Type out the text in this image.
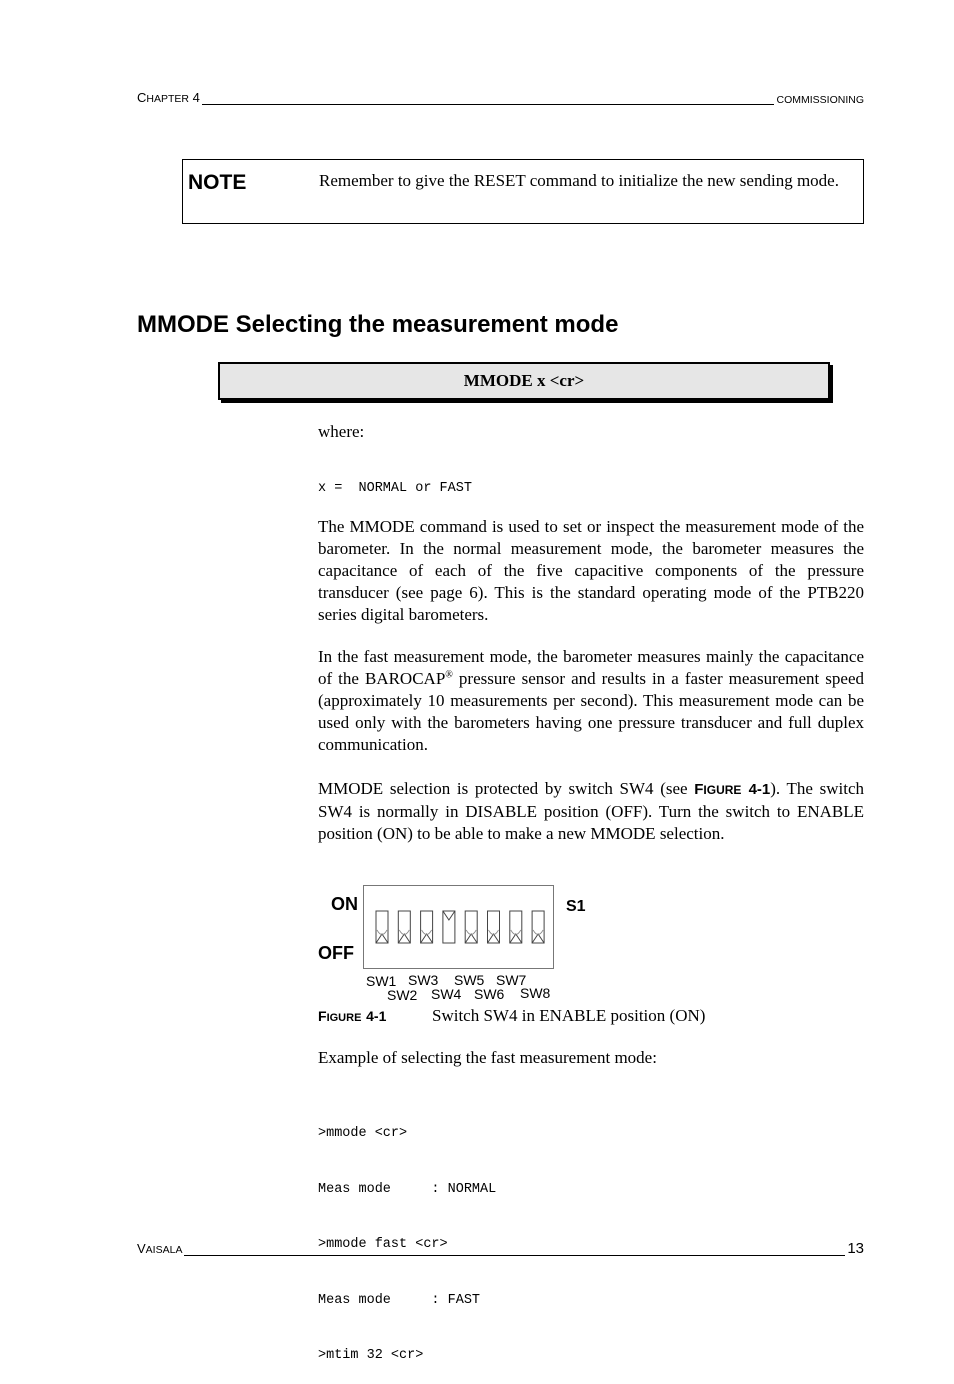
CHAPTER 4	COMMISSIONING
NOTE	Remember to give the RESET command to initialize the new sending mode.
MMODE Selecting the measurement mode
MMODE x <cr>
where:
x =  NORMAL or FAST
The MMODE command is used to set or inspect the measurement mode of the barometer. In the normal measurement mode, the barometer measures the capacitance of each of the five capacitive components of the pressure transducer (see page 6). This is the standard operating mode of the PTB220 series digital barometers.
In the fast measurement mode, the barometer measures mainly the capacitance of the BAROCAP® pressure sensor and results in a faster measurement speed (approximately 10 measurements per second). This measurement mode can be used only with the barometers having one pressure transducer and full duplex communication.
MMODE selection is protected by switch SW4 (see FIGURE 4-1). The switch SW4 is normally in DISABLE position (OFF). Turn the switch to ENABLE position (ON) to be able to make a new MMODE selection.
ON
OFF
S1
SW1
SW2
SW3
SW4
SW5
SW6
SW7
SW8
FIGURE 4-1	Switch SW4 in ENABLE position (ON)
Example of selecting the fast measurement mode:

>mmode <cr>

Meas mode     : NORMAL

>mmode fast <cr>

Meas mode     : FAST

>mtim 32 <cr>

VAISALA	13
